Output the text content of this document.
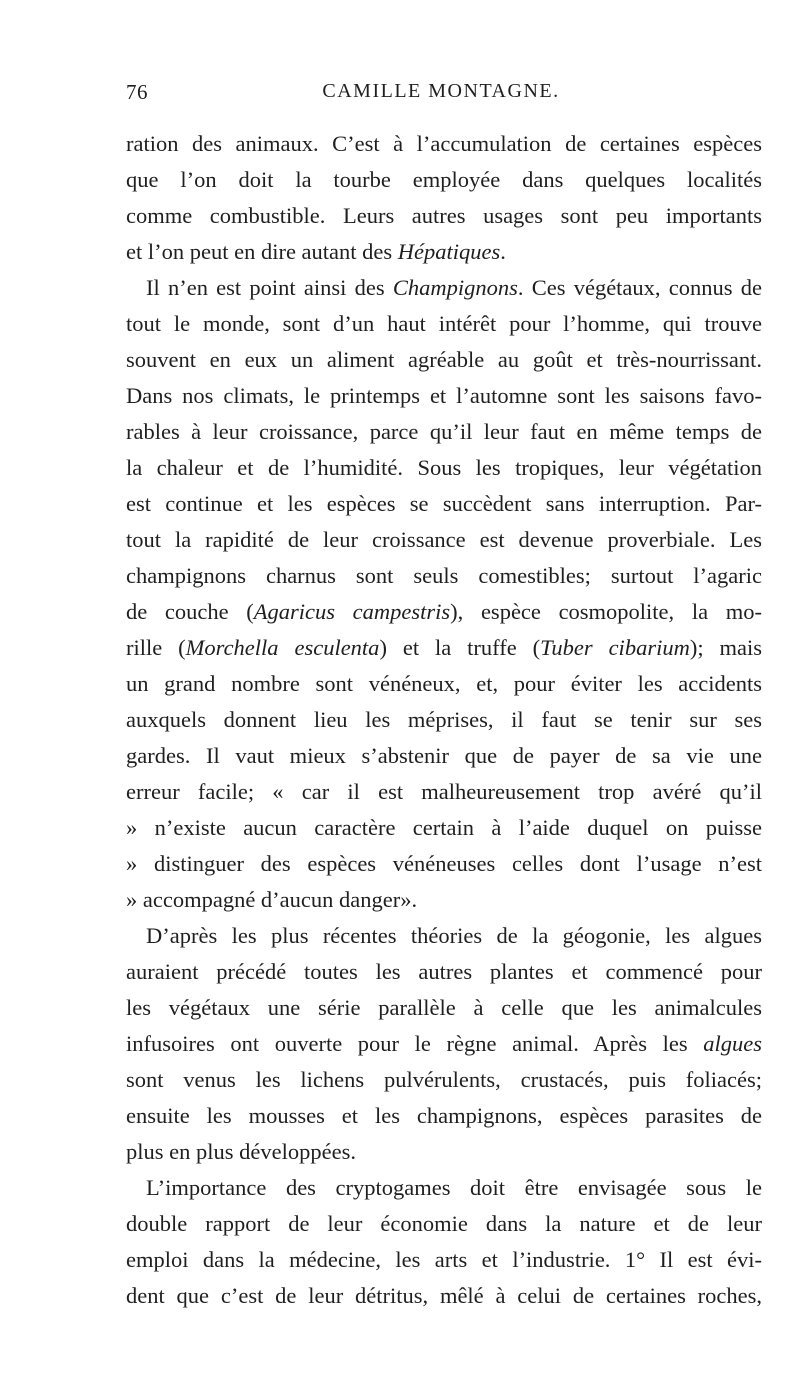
76	CAMILLE MONTAGNE.
ration des animaux. C’est à l’accumulation de certaines espèces
que l’on doit la tourbe employée dans quelques localités
comme combustible. Leurs autres usages sont peu importants
et l’on peut en dire autant des Hépatiques.
Il n’en est point ainsi des Champignons. Ces végétaux, connus de
tout le monde, sont d’un haut intérêt pour l’homme, qui trouve
souvent en eux un aliment agréable au goût et très-nourrissant.
Dans nos climats, le printemps et l’automne sont les saisons favo-
rables à leur croissance, parce qu’il leur faut en même temps de
la chaleur et de l’humidité. Sous les tropiques, leur végétation
est continue et les espèces se succèdent sans interruption. Par-
tout la rapidité de leur croissance est devenue proverbiale. Les
champignons charnus sont seuls comestibles; surtout l’agaric
de couche (Agaricus campestris), espèce cosmopolite, la mo-
rille (Morchella esculenta) et la truffe (Tuber cibarium); mais
un grand nombre sont vénéneux, et, pour éviter les accidents
auxquels donnent lieu les méprises, il faut se tenir sur ses
gardes. Il vaut mieux s’abstenir que de payer de sa vie une
erreur facile; « car il est malheureusement trop avéré qu’il
» n’existe aucun caractère certain à l’aide duquel on puisse
» distinguer des espèces vénéneuses celles dont l’usage n’est
» accompagné d’aucun danger».
D’après les plus récentes théories de la géogonie, les algues
auraient précédé toutes les autres plantes et commencé pour
les végétaux une série parallèle à celle que les animalcules
infusoires ont ouverte pour le règne animal. Après les algues
sont venus les lichens pulvérulents, crustacés, puis foliacés;
ensuite les mousses et les champignons, espèces parasites de
plus en plus développées.
L’importance des cryptogames doit être envisagée sous le
double rapport de leur économie dans la nature et de leur
emploi dans la médecine, les arts et l’industrie. 1° Il est évi-
dent que c’est de leur détritus, mêlé à celui de certaines roches,
